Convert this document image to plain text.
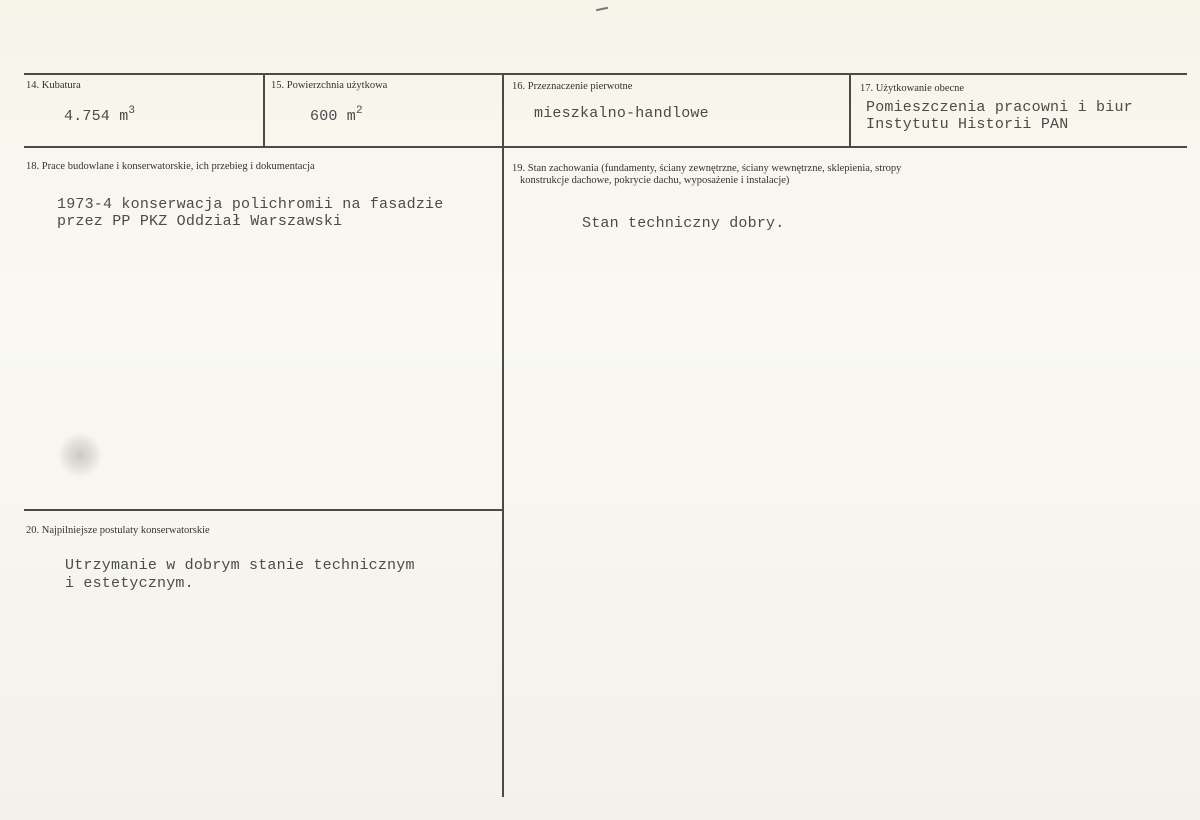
14. Kubatura
4.754 $m^3$
15. Powierzchnia użytkowa
600 $m^2$
16. Przeznaczenie pierwotne
mieszkalno-handlowe
17. Użytkowanie obecne
Pomieszczenia pracowni i biur
Instytutu Historii PAN
18. Prace budowlane i konserwatorskie, ich przebieg i dokumentacja
1973-4 konserwacja polichromii na fasadzie
przez PP PKZ Oddział Warszawski
19. Stan zachowania (fundamenty, ściany zewnętrzne, ściany wewnętrzne, sklepienia, stropy
konstrukcje dachowe, pokrycie dachu, wyposażenie i instalacje)
Stan techniczny dobry.
20. Najpilniejsze postulaty konserwatorskie
Utrzymanie w dobrym stanie technicznym
i estetycznym.
